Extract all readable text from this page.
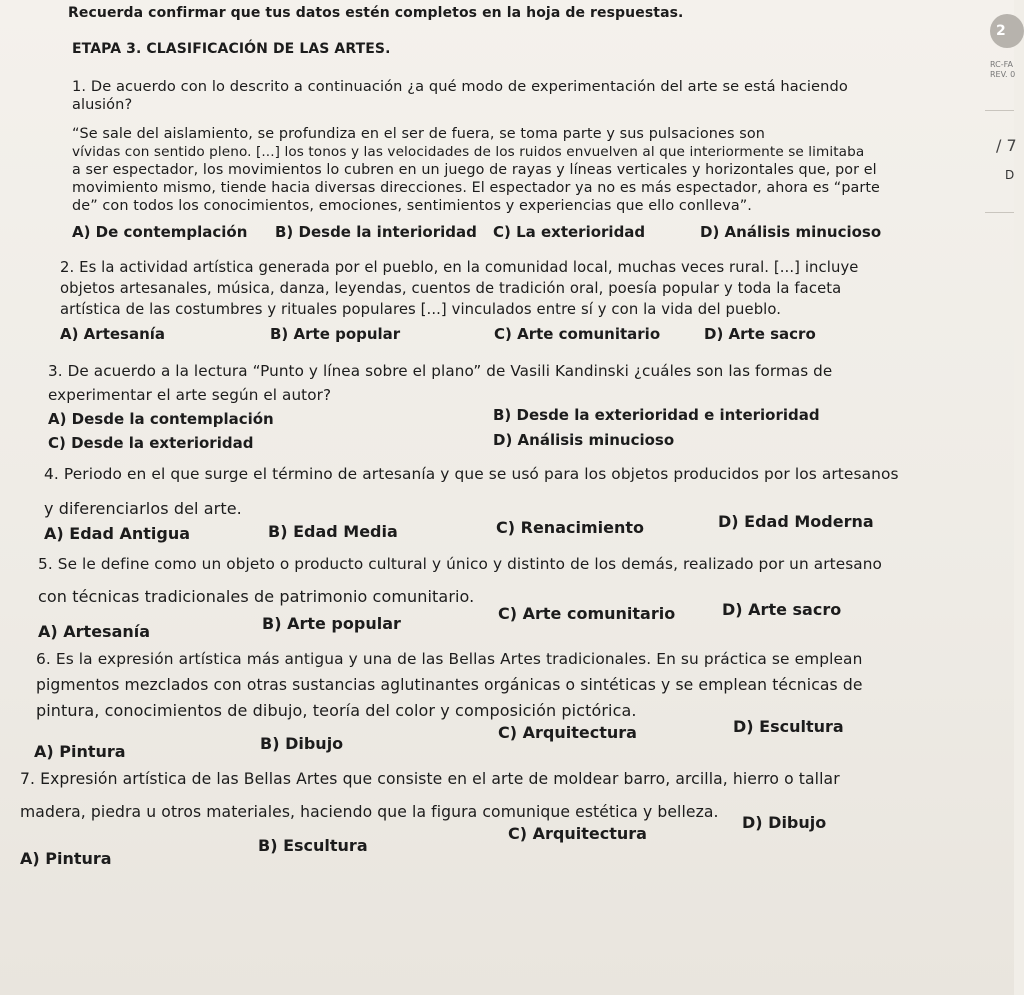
Recuerda confirmar que tus datos estén completos en la hoja de respuestas.
ETAPA 3. CLASIFICACIÓN DE LAS ARTES.
2
RC-FA
REV. 0
/ 7
D
1. De acuerdo con lo descrito a continuación ¿a qué modo de experimentación del arte se está haciendo
alusión?
“Se sale del aislamiento, se profundiza en el ser de fuera, se toma parte y sus pulsaciones son
vívidas con sentido pleno. [...] los tonos y las velocidades de los ruidos envuelven al que interiormente se limitaba
a ser espectador, los movimientos lo cubren en un juego de rayas y líneas verticales y horizontales que, por el
movimiento mismo, tiende hacia diversas direcciones. El espectador ya no es más espectador, ahora es “parte
de” con todos los conocimientos, emociones, sentimientos y experiencias que ello conlleva”.
A) De contemplación B) Desde la interioridad C) La exterioridad	D) Análisis minucioso
2. Es la actividad artística generada por el pueblo, en la comunidad local, muchas veces rural. [...] incluye
objetos artesanales, música, danza, leyendas, cuentos de tradición oral, poesía popular y toda la faceta
artística de las costumbres y rituales populares [...] vinculados entre sí y con la vida del pueblo.
A) Artesanía	B) Arte popular	C) Arte comunitario	D) Arte sacro
3. De acuerdo a la lectura “Punto y línea sobre el plano” de Vasili Kandinski ¿cuáles son las formas de
experimentar el arte según el autor?
A) Desde la contemplación	B) Desde la exterioridad e interioridad
C) Desde la exterioridad	D) Análisis minucioso
4. Periodo en el que surge el término de artesanía y que se usó para los objetos producidos por los artesanos
y diferenciarlos del arte.
A) Edad Antigua	B) Edad Media	C) Renacimiento	D) Edad Moderna
5. Se le define como un objeto o producto cultural y único y distinto de los demás, realizado por un artesano
con técnicas tradicionales de patrimonio comunitario.
A) Artesanía	B) Arte popular
C) Arte comunitario	D) Arte sacro
6. Es la expresión artística más antigua y una de las Bellas Artes tradicionales. En su práctica se emplean
pigmentos mezclados con otras sustancias aglutinantes orgánicas o sintéticas y se emplean técnicas de
pintura, conocimientos de dibujo, teoría del color y composición pictórica.
A) Pintura	B) Dibujo
C) Arquitectura	D) Escultura
7. Expresión artística de las Bellas Artes que consiste en el arte de moldear barro, arcilla, hierro o tallar
madera, piedra u otros materiales, haciendo que la figura comunique estética y belleza.
A) Pintura
B) Escultura
C) Arquitectura
D) Dibujo
